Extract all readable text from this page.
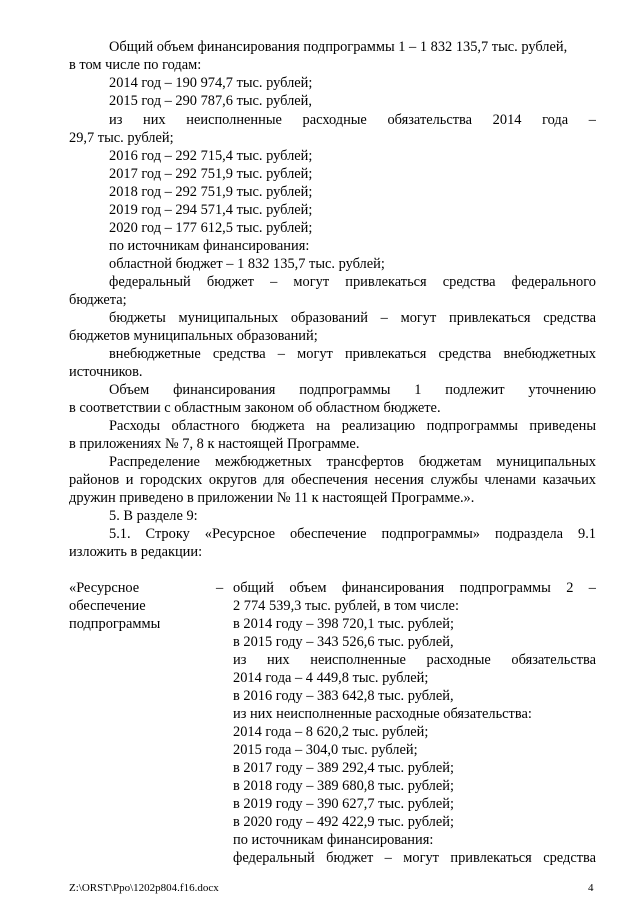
Общий объем финансирования подпрограммы 1 – 1 832 135,7 тыс. рублей,
в том числе по годам:
2014 год – 190 974,7 тыс. рублей;
2015 год – 290 787,6 тыс. рублей,
из них неисполненные расходные обязательства 2014 года –
29,7 тыс. рублей;
2016 год – 292 715,4 тыс. рублей;
2017 год – 292 751,9 тыс. рублей;
2018 год – 292 751,9 тыс. рублей;
2019 год – 294 571,4 тыс. рублей;
2020 год – 177 612,5 тыс. рублей;
по источникам финансирования:
областной бюджет – 1 832 135,7 тыс. рублей;
федеральный бюджет – могут привлекаться средства федерального
бюджета;
бюджеты муниципальных образований – могут привлекаться средства
бюджетов муниципальных образований;
внебюджетные средства – могут привлекаться средства внебюджетных
источников.
Объем финансирования подпрограммы 1 подлежит уточнению
в соответствии с областным законом об областном бюджете.
Расходы областного бюджета на реализацию подпрограммы приведены
в приложениях № 7, 8 к настоящей Программе.
Распределение межбюджетных трансфертов бюджетам муниципальных
районов и городских округов для обеспечения несения службы членами казачьих
дружин приведено в приложении № 11 к настоящей Программе.».
5. В разделе 9:
5.1. Строку «Ресурсное обеспечение подпрограммы» подраздела 9.1
изложить в редакции:
«Ресурсное
обеспечение
подпрограммы
– общий объем финансирования подпрограммы 2 –
2 774 539,3 тыс. рублей, в том числе:
в 2014 году – 398 720,1 тыс. рублей;
в 2015 году – 343 526,6 тыс. рублей,
из них неисполненные расходные обязательства
2014 года – 4 449,8 тыс. рублей;
в 2016 году – 383 642,8 тыс. рублей,
из них неисполненные расходные обязательства:
2014 года – 8 620,2 тыс. рублей;
2015 года – 304,0 тыс. рублей;
в 2017 году – 389 292,4 тыс. рублей;
в 2018 году – 389 680,8 тыс. рублей;
в 2019 году – 390 627,7 тыс. рублей;
в 2020 году – 492 422,9 тыс. рублей;
по источникам финансирования:
федеральный бюджет – могут привлекаться средства
Z:\ORST\Ppo\1202p804.f16.docx	4
